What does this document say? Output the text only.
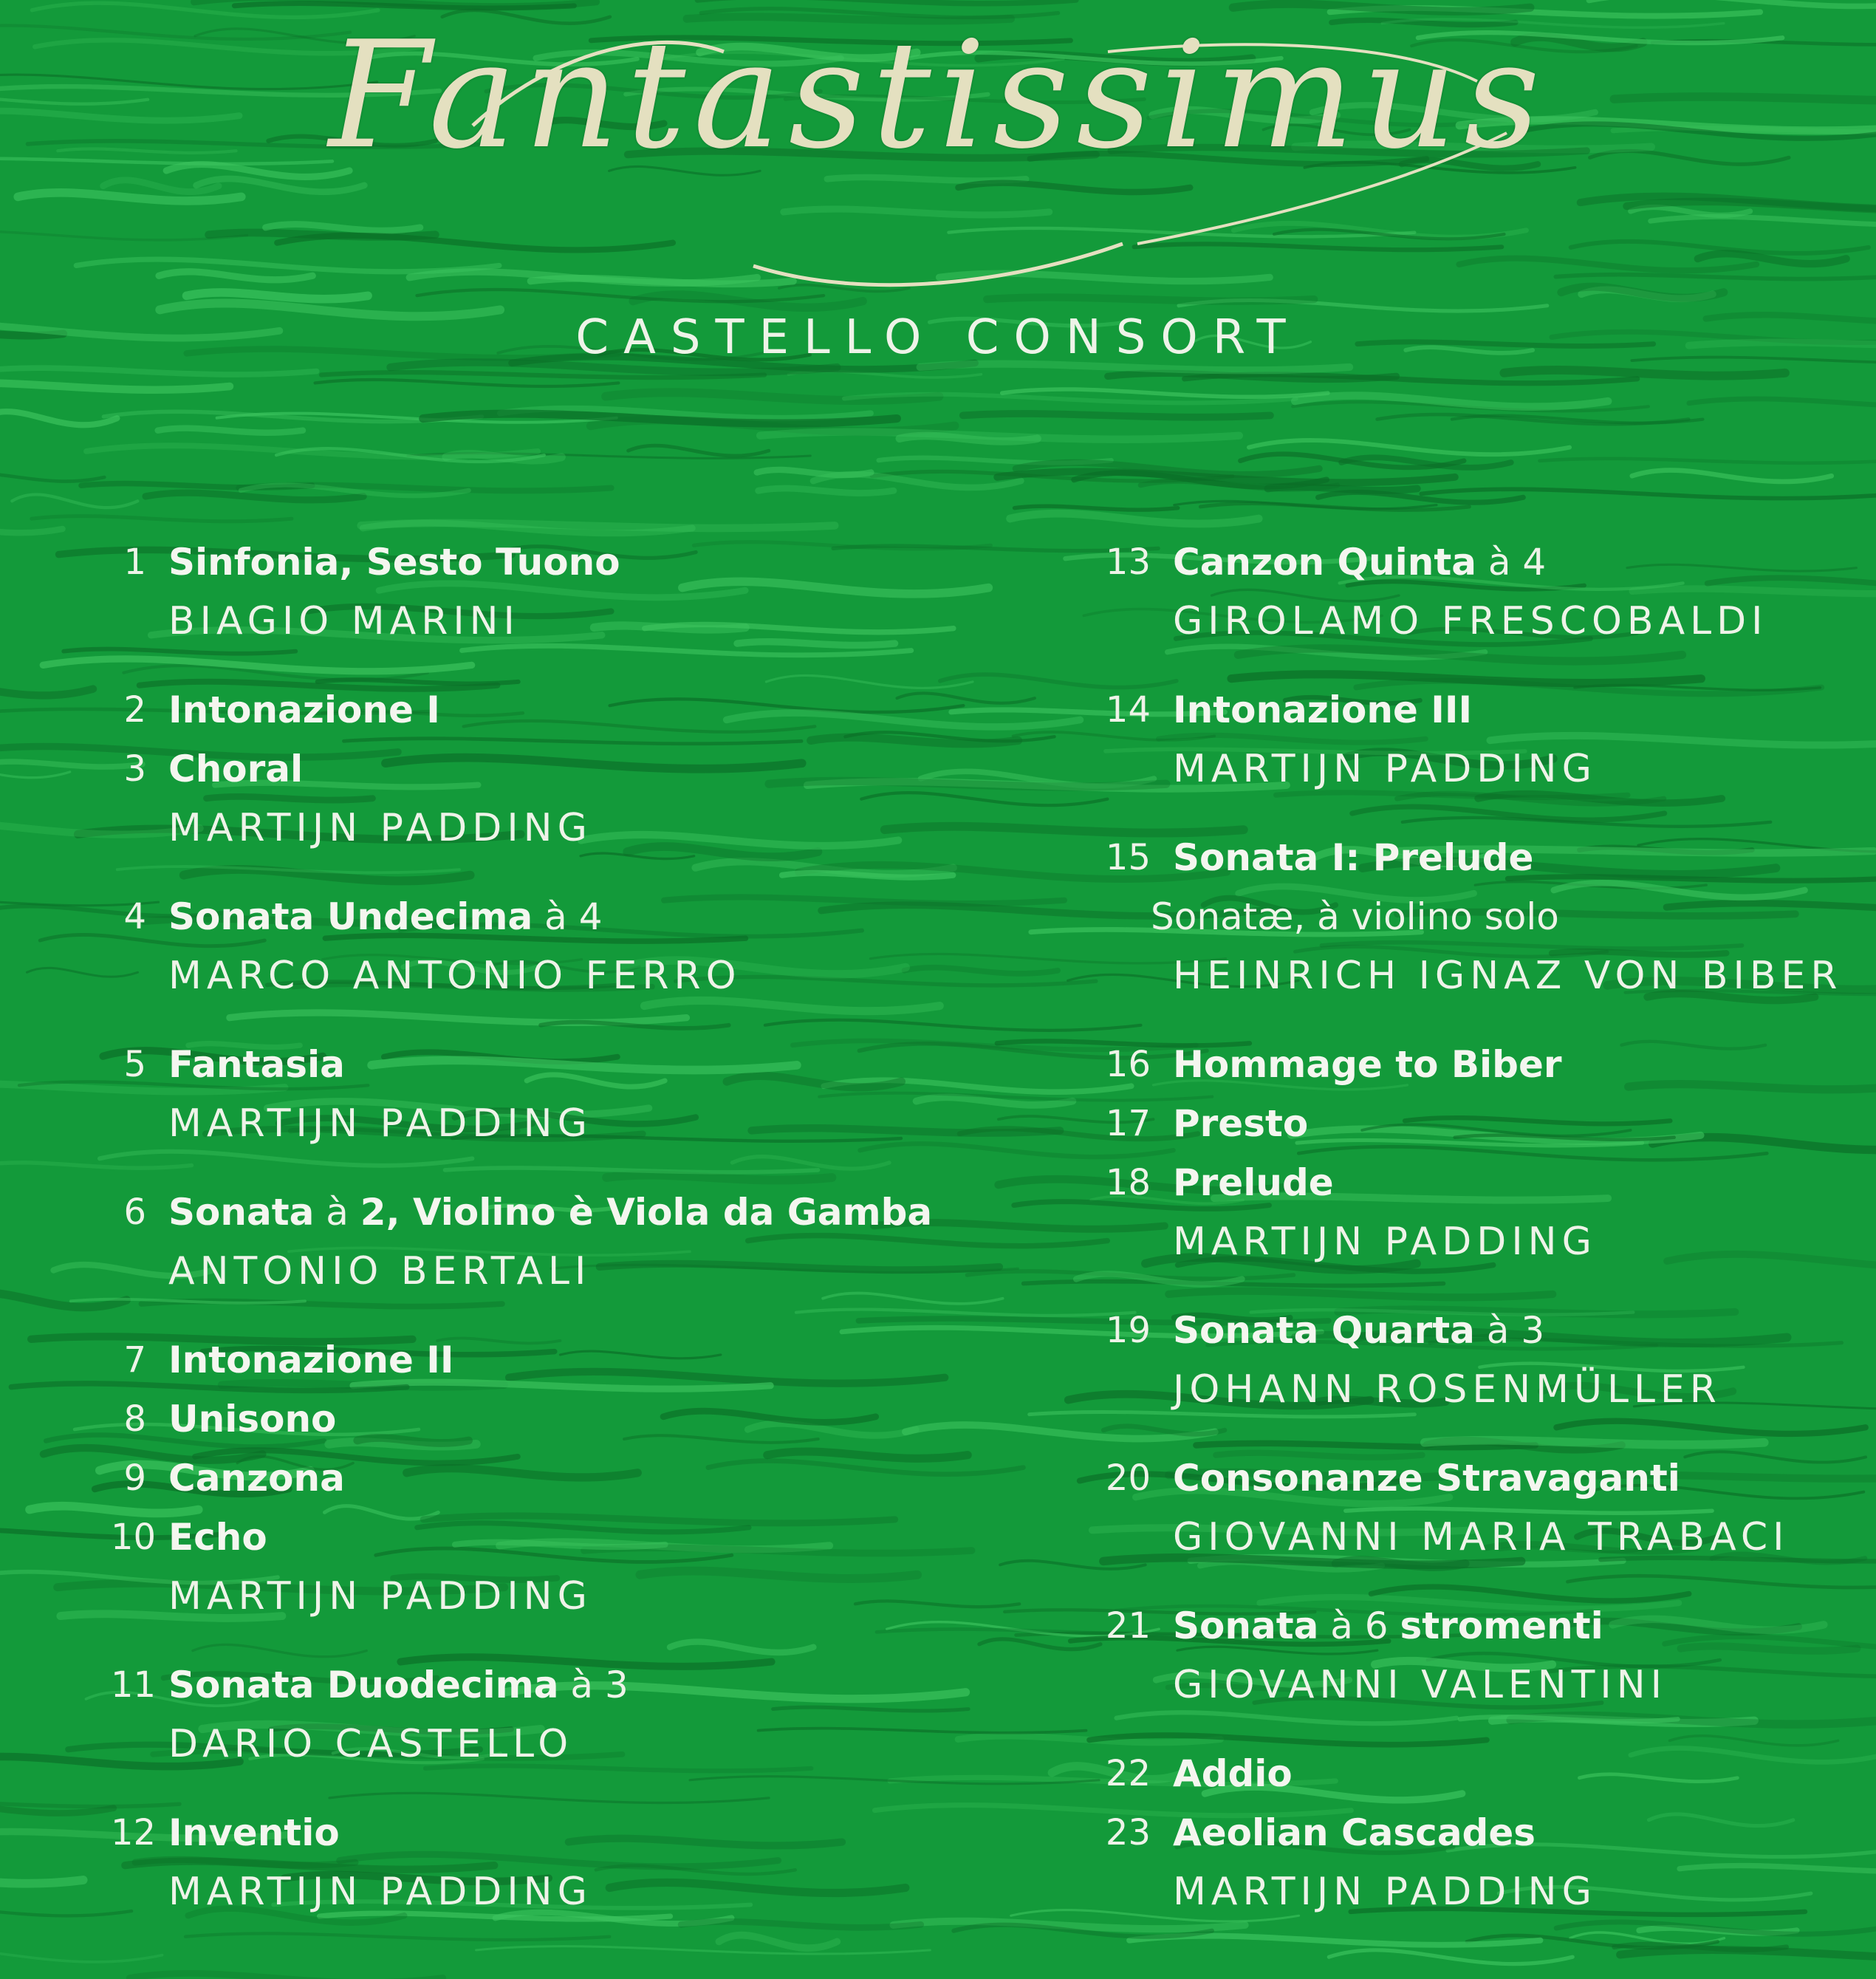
Fantastissimus
CASTELLO CONSORT
1 Sinfonia, Sesto Tuono
BIAGIO MARINI
2 Intonazione I
3 Choral
MARTIJN PADDING
4 Sonata Undecima à 4
MARCO ANTONIO FERRO
5 Fantasia
MARTIJN PADDING
6 Sonata à 2, Violino è Viola da Gamba
ANTONIO BERTALI
7 Intonazione II
8 Unisono
9 Canzona
10 Echo
MARTIJN PADDING
11 Sonata Duodecima à 3
DARIO CASTELLO
12 Inventio
MARTIJN PADDING
13 Canzon Quinta à 4
GIROLAMO FRESCOBALDI
14 Intonazione III
MARTIJN PADDING
15 Sonata I: Prelude
Sonatæ, à violino solo
HEINRICH IGNAZ VON BIBER
16 Hommage to Biber
17 Presto
18 Prelude
MARTIJN PADDING
19 Sonata Quarta à 3
JOHANN ROSENMÜLLER
20 Consonanze Stravaganti
GIOVANNI MARIA TRABACI
21 Sonata à 6 stromenti
GIOVANNI VALENTINI
22 Addio
23 Aeolian Cascades
MARTIJN PADDING
